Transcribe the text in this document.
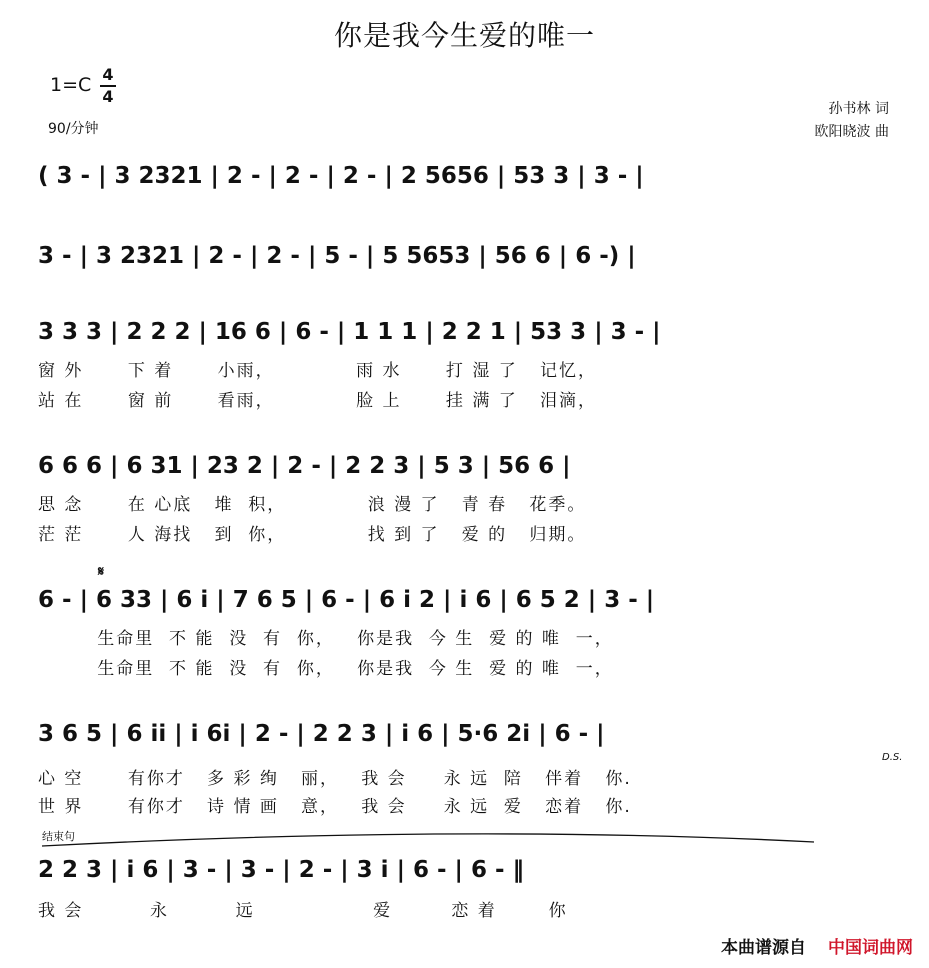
你是我今生爱的唯一
1=C 4
4
90/分钟
孙书林 词
欧阳晓波 曲
( 3 - | 3 2321 | 2 - | 2 - | 2 - | 2 5656 | 53 3 | 3 - |
3 - | 3 2321 | 2 - | 2 - | 5 - | 5 5653 | 56 6 | 6 -) |
3 3 3 | 2 2 2 | 16 6 | 6 - | 1 1 1 | 2 2 1 | 53 3 | 3 - |
窗 外      下 着      小雨，           雨 水      打 湿 了   记忆，
站 在      窗 前      看雨，           脸 上      挂 满 了   泪滴，
6 6 6 | 6 31 | 23 2 | 2 - | 2 2 3 | 5 3 | 56 6 |
思 念      在 心底   堆  积，           浪 漫 了   青 春   花季。
茫 茫      人 海找   到  你，           找 到 了   爱 的   归期。
𝄋
6 - | 6 33 | 6 i | 7 6 5 | 6 - | 6 i 2 | i 6 | 6 5 2 | 3 - |
生命里  不 能  没  有  你，   你是我  今 生  爱 的 唯  一，
生命里  不 能  没  有  你，   你是我  今 生  爱 的 唯  一，
3 6 5 | 6 ii | i 6i | 2 - | 2 2 3 | i 6 | 5·6 2i | 6 - |
D.S.
心 空      有你才   多 彩 绚   丽，   我 会     永 远  陪   伴着   你.
世 界      有你才   诗 情 画   意，   我 会     永 远  爱   恋着   你.
结束句
2 2 3 | i 6 | 3 - | 3 - | 2 - | 3 i | 6 - | 6 - ‖
我 会         永         远                爱        恋 着       你
本曲谱源自 中国词曲网
